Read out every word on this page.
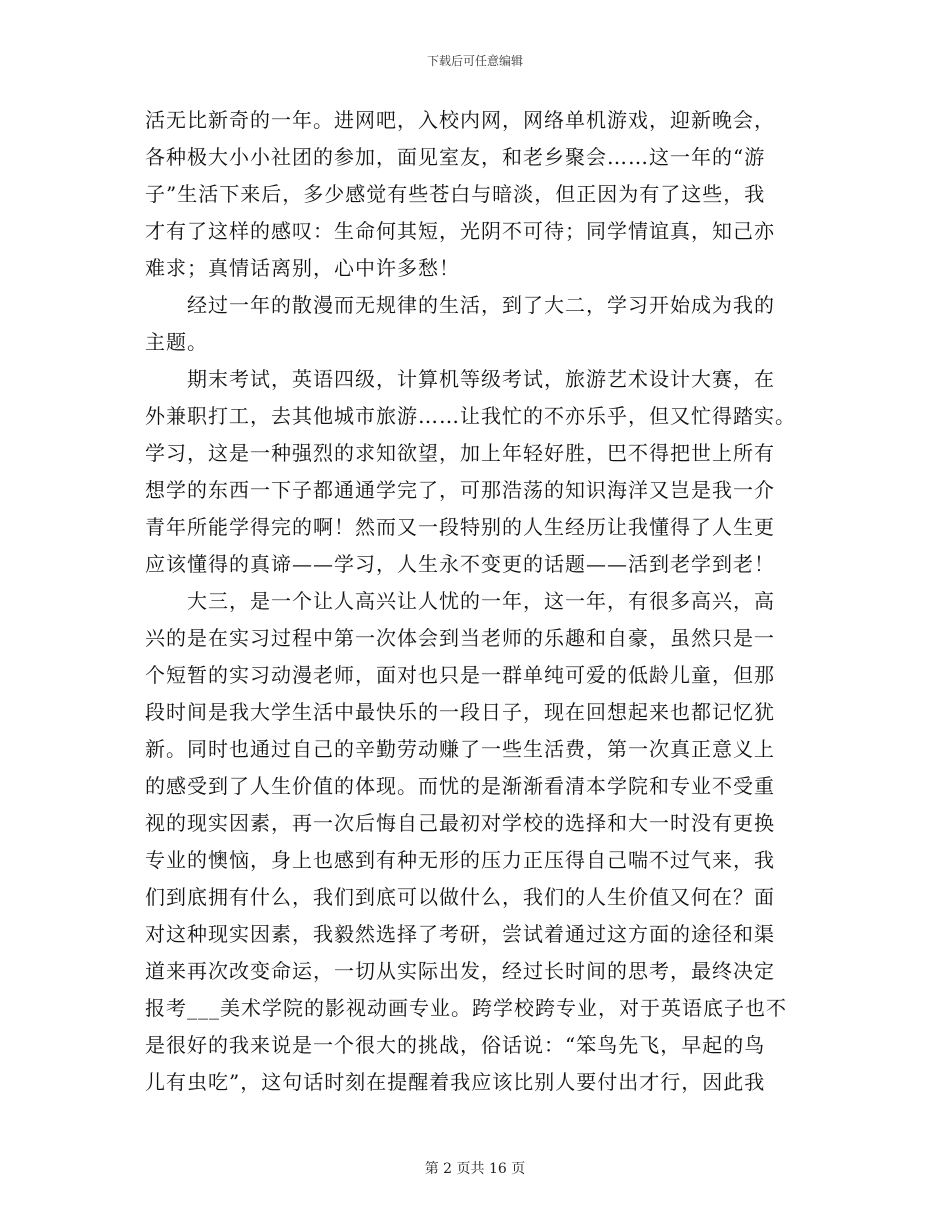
下载后可任意编辑
活无比新奇的一年。进网吧，入校内网，网络单机游戏，迎新晚会，
各种极大小小社团的参加，面见室友，和老乡聚会……这一年的“游
子”生活下来后，多少感觉有些苍白与暗淡，但正因为有了这些，我
才有了这样的感叹：生命何其短，光阴不可待；同学情谊真，知己亦
难求；真情话离别，心中许多愁！
经过一年的散漫而无规律的生活，到了大二，学习开始成为我的
主题。
期末考试，英语四级，计算机等级考试，旅游艺术设计大赛，在
外兼职打工，去其他城市旅游……让我忙的不亦乐乎，但又忙得踏实。
学习，这是一种强烈的求知欲望，加上年轻好胜，巴不得把世上所有
想学的东西一下子都通通学完了，可那浩荡的知识海洋又岂是我一介
青年所能学得完的啊！然而又一段特别的人生经历让我懂得了人生更
应该懂得的真谛——学习，人生永不变更的话题——活到老学到老！
大三，是一个让人高兴让人忧的一年，这一年，有很多高兴，高
兴的是在实习过程中第一次体会到当老师的乐趣和自豪，虽然只是一
个短暂的实习动漫老师，面对也只是一群单纯可爱的低龄儿童，但那
段时间是我大学生活中最快乐的一段日子，现在回想起来也都记忆犹
新。同时也通过自己的辛勤劳动赚了一些生活费，第一次真正意义上
的感受到了人生价值的体现。而忧的是渐渐看清本学院和专业不受重
视的现实因素，再一次后悔自己最初对学校的选择和大一时没有更换
专业的懊恼，身上也感到有种无形的压力正压得自己喘不过气来，我
们到底拥有什么，我们到底可以做什么，我们的人生价值又何在？面
对这种现实因素，我毅然选择了考研，尝试着通过这方面的途径和渠
道来再次改变命运，一切从实际出发，经过长时间的思考，最终决定
报考___美术学院的影视动画专业。跨学校跨专业，对于英语底子也不
是很好的我来说是一个很大的挑战，俗话说：“笨鸟先飞，早起的鸟
儿有虫吃”，这句话时刻在提醒着我应该比别人要付出才行，因此我
第 2 页共 16 页
